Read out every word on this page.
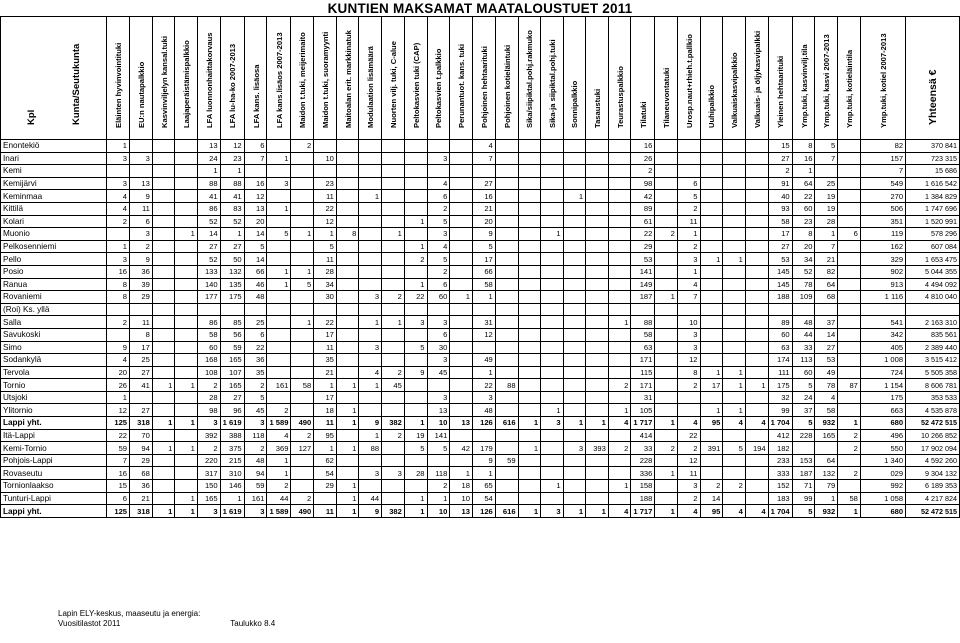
KUNTIEN MAKSAMAT MAATALOUSTUET 2011
Kpl Kunta/Seutukunta	Eläinten hyvinvointituki	EU:n nautapalkkio	Kasvinviljelyn kansal.tuki	Laajaperäistämispalkkio	LFA luonnonhaittakorvaus	LFA lu-ha-ko 2007-2013	LFA kans. lisäosa	LFA kans.lisäos 2007-2013	Maidon t.tuki, meijerimaito	Maidon t.tuki, suoramyynti	Maitoalan erit. markkinatuk	Modulaation lisämäärä	Nuorten vilj. tuki, C-alue	Peltokasvien tuki (CAP)	Peltokasvien t.palkkio	Perunantuot. kans. tuki	Pohjoinen hehtaarituki	Pohjoinen kotieläintuki	Sika/siipiktal.pohj.rakmuko	Sika-ja siipiktal.pohj.tuki	Sonnipalkkio	Tasaustuki	Teurastuspalkkio	Tilatuki	Tilaneuvontatuki	Urosp.naut+rhieh.t.pallkio	Uuhipalkkio	Valkuaiskasvipalkkio	Valkuais- ja öljykasvipalkki	Yleinen hehtaarituki	Ymp.tuki, kasvinvilj.tila	Ymp.tuki, kasvi 2007-2013	Ymp.tuki, kotieläintila	Ymp.tuki, kotiel 2007-2013	Yhteensä €

Enontekiö	1				13	12	6		2								4							16						15	8	5		82	370 841
Inari	3	3			24	23	7	1		10					3		7							26						27	16	7		157	723 315
Kemi					1	1																		2						2	1			7	15 686
Kemijärvi	3	13			88	88	16	3		23					4		27							98		6				91	64	25		549	1 616 542
Keminmaa	4	9			41	41	12			11		1			6		16				1			42		5				40	22	19		270	1 384 829
Kittilä	4	11			86	83	13	1		22					2		21							89		2				93	60	19		506	1 747 696
Kolari	2	6			52	52	20			12				1	5		20							61		11				58	23	28		351	1 520 991
Muonio		3		1	14	1	14	5	1	1	8		1		3		9			1				22	2	1				17	8	1	6	119	578 296
Pelkosenniemi	1	2			27	27	5			5				1	4		5							29		2				27	20	7		162	607 084
Pello	3	9			52	50	14			11				2	5		17							53		3	1	1		53	34	21		329	1 653 475
Posio	16	36			133	132	66	1	1	28					2		66							141		1				145	52	82		902	5 044 355
Ranua	8	39			140	135	46	1	5	34				1	6		58							149		4				145	78	64		913	4 494 092
Rovaniemi	8	29			177	175	48			30		3	2	22	60	1	1							187	1	7				188	109	68		1 116	4 810 040
(Roi) Ks. yllä																																			
Salla	2	11			86	85	25		1	22		1	1	3	3		31						1	88		10				89	48	37		541	2 163 310
Savukoski		8			58	56	6			17					6		12							58		3				60	44	14		342	835 561
Simo	9	17			60	59	22			11		3		5	30									63		3				63	33	27		405	2 389 440
Sodankylä	4	25			168	165	36			35					3		49							171		12				174	113	53		1 008	3 515 412
Tervola	20	27			108	107	35			21		4	2	9	45		1							115		8	1	1		111	60	49		724	5 505 358
Tornio	26	41	1	1	2	165	2	161	58	1	1	1	45				22	88					2	171		2	17	1	1	175	5	78	87	1 154	8 606 781
Utsjoki	1				28	27	5			17					3		3							31						32	24	4		175	353 533
Ylitornio	12	27			98	96	45	2		18	1				13		48			1			1	105			1	1		99	37	58		663	4 535 878
Lappi yht.	125	318	1	1	3	1 619	3	1 589	490	11	1	9	382	1	10	13	126	616	1	3	1	1	4	1 717	1	4	95	4	4	1 704	5	932	1	680	52 472 515
Itä-Lappi	22	70			392	388	118	4	2	95		1	2	19	141									414		22				412	228	165	2	496	10 266 852
Kemi-Tornio	59	94	1	1	2	375	2	369	127	1	1	88		5	5	42	179		1		3	393	2	33	2	2	391	5	194	182			2	550	17 902 094
Pohjois-Lappi	7	29			220	215	48	1		62							9	59						228		12				233	153	64		1 340	4 592 260
Rovaseutu	16	68			317	310	94	1		54		3	3	28	118	1	1							336	1	11				333	187	132	2	029	9 304 132
Tornionlaakso	15	36			150	146	59	2		29	1				2	18	65			1			1	158		3	2	2		152	71	79		992	6 189 353
Tunturi-Lappi	6	21		1	165	1	161	44	2		1	44		1	1	10	54							188		2	14			183	99	1	58	1 058	4 217 824
Lappi yht.	125	318	1	1	3	1 619	3	1 589	490	11	1	9	382	1	10	13	126	616	1	3	1	1	4	1 717	1	4	95	4	4	1 704	5	932	1	680	52 472 515
Lapin ELY-keskus, maaseutu ja energia:
Vuositilastot 2011	Taulukko 8.4
